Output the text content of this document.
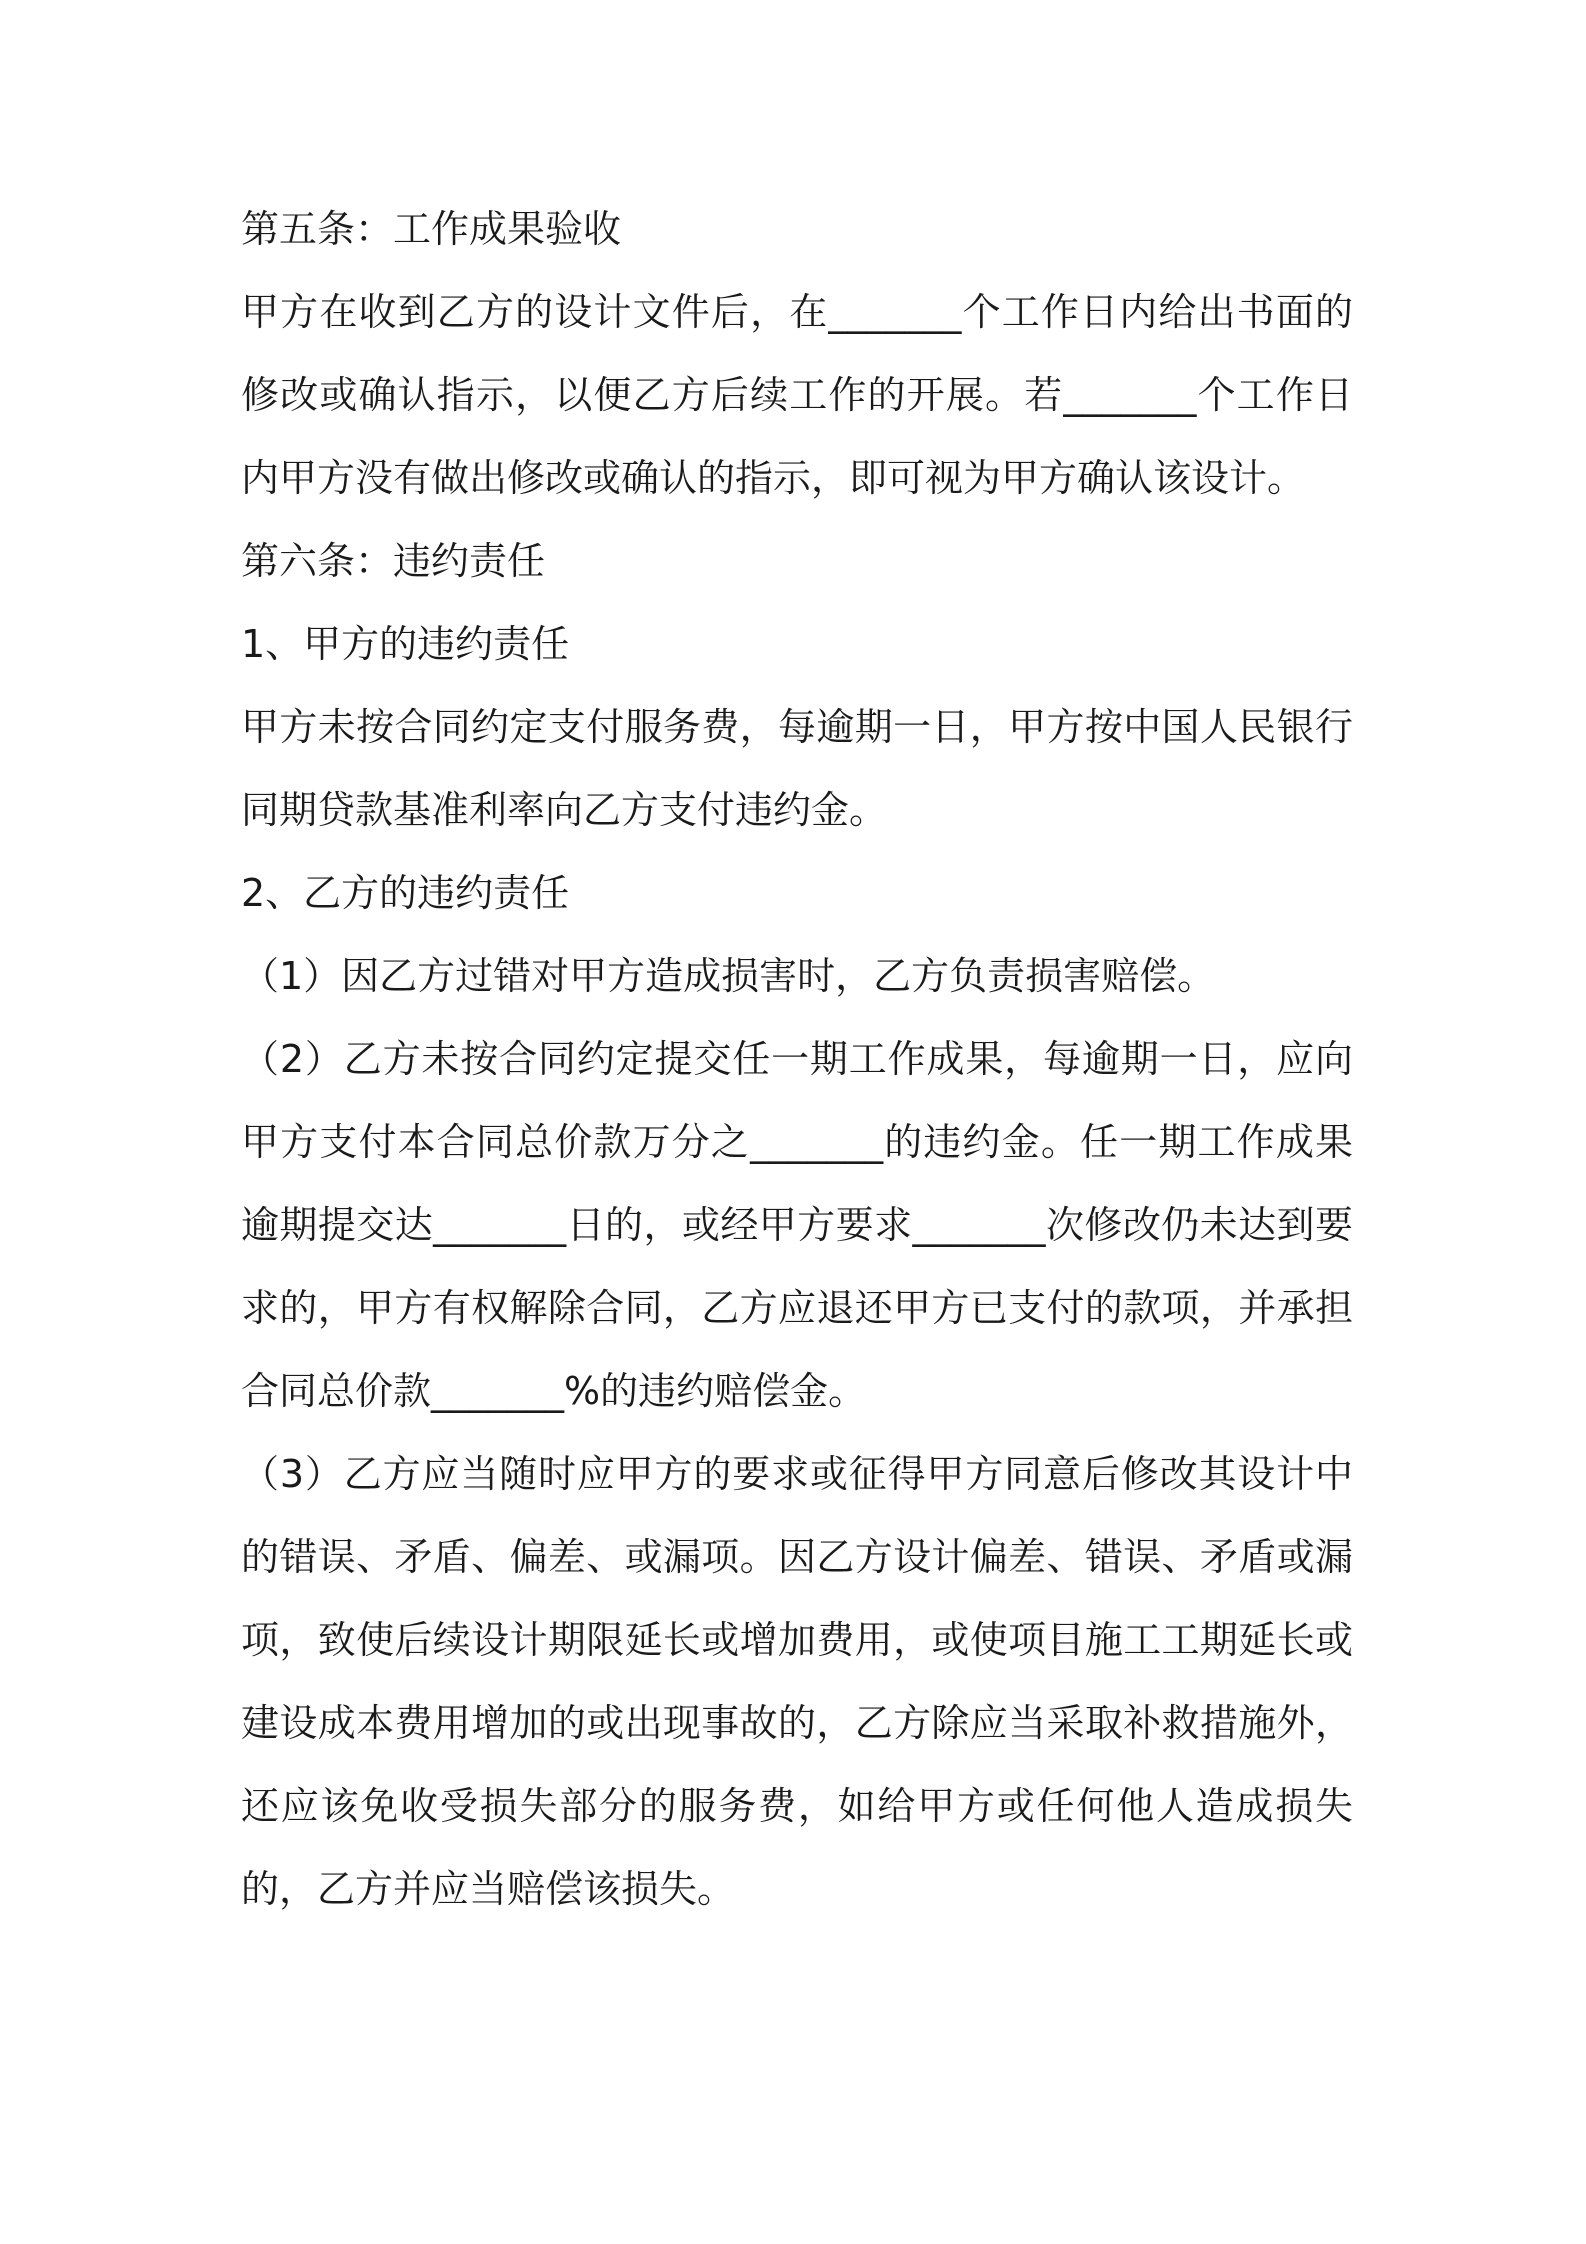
第五条：工作成果验收

甲方在收到乙方的设计文件后，在_______个工作日内给出书面的修改或确认指示，以便乙方后续工作的开展。若_______个工作日内甲方没有做出修改或确认的指示，即可视为甲方确认该设计。

第六条：违约责任

1、甲方的违约责任

甲方未按合同约定支付服务费，每逾期一日，甲方按中国人民银行同期贷款基准利率向乙方支付违约金。

2、乙方的违约责任

（1）因乙方过错对甲方造成损害时，乙方负责损害赔偿。

（2）乙方未按合同约定提交任一期工作成果，每逾期一日，应向甲方支付本合同总价款万分之_______的违约金。任一期工作成果逾期提交达_______日的，或经甲方要求_______次修改仍未达到要求的，甲方有权解除合同，乙方应退还甲方已支付的款项，并承担合同总价款_______%的违约赔偿金。

（3）乙方应当随时应甲方的要求或征得甲方同意后修改其设计中的错误、矛盾、偏差、或漏项。因乙方设计偏差、错误、矛盾或漏项，致使后续设计期限延长或增加费用，或使项目施工工期延长或建设成本费用增加的或出现事故的，乙方除应当采取补救措施外，还应该免收受损失部分的服务费，如给甲方或任何他人造成损失的，乙方并应当赔偿该损失。
